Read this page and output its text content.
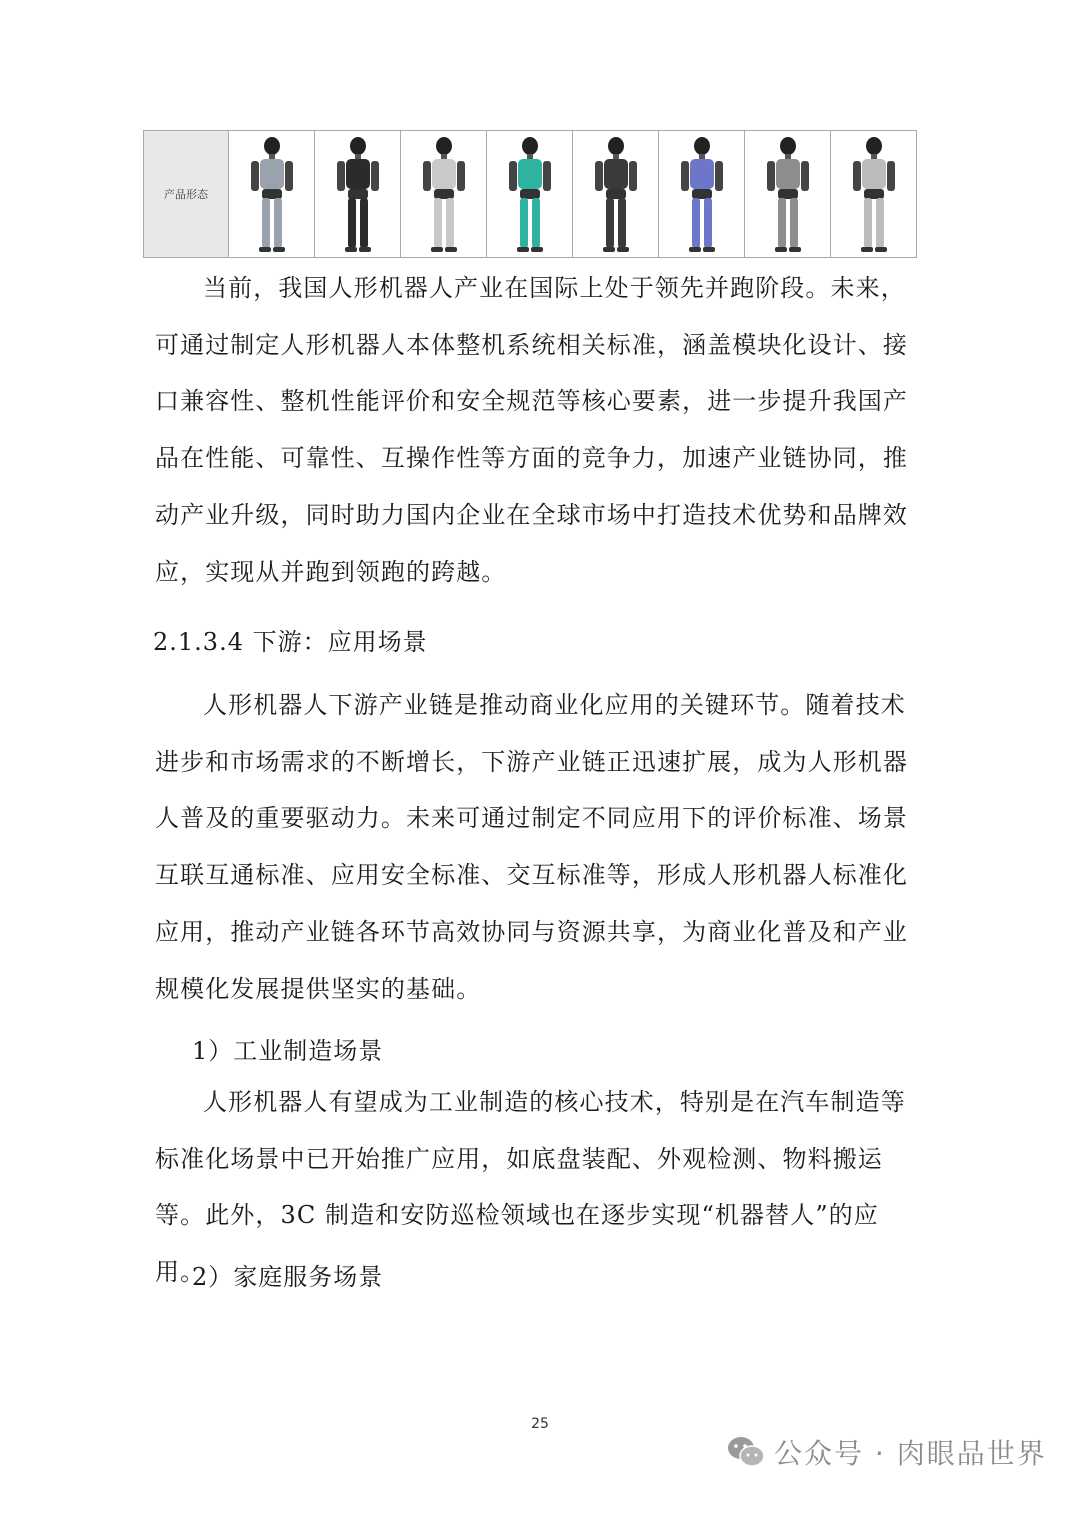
产品形态

当前，我国人形机器人产业在国际上处于领先并跑阶段。未来，可通过制定人形机器人本体整机系统相关标准，涵盖模块化设计、接口兼容性、整机性能评价和安全规范等核心要素，进一步提升我国产品在性能、可靠性、互操作性等方面的竞争力，加速产业链协同，推动产业升级，同时助力国内企业在全球市场中打造技术优势和品牌效应，实现从并跑到领跑的跨越。

2.1.3.4 下游：应用场景

人形机器人下游产业链是推动商业化应用的关键环节。随着技术进步和市场需求的不断增长，下游产业链正迅速扩展，成为人形机器人普及的重要驱动力。未来可通过制定不同应用下的评价标准、场景互联互通标准、应用安全标准、交互标准等，形成人形机器人标准化应用，推动产业链各环节高效协同与资源共享，为商业化普及和产业规模化发展提供坚实的基础。

1）工业制造场景

人形机器人有望成为工业制造的核心技术，特别是在汽车制造等标准化场景中已开始推广应用，如底盘装配、外观检测、物料搬运等。此外，3C 制造和安防巡检领域也在逐步实现“机器替人”的应用。

2）家庭服务场景

25
公众号 · 肉眼品世界
